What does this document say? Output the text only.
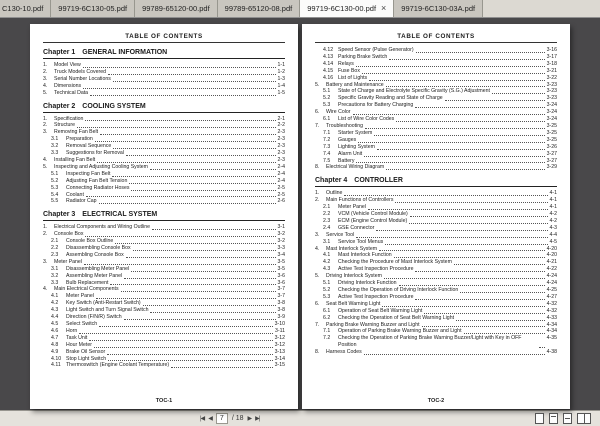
C130-10.pdf 99719-6C130-05.pdf 99789-65120-00.pdf 99789-65120-08.pdf 99719-6C130-00.pdf × 99719-6C130-03A.pdf
TABLE OF CONTENTS
Chapter 1 GENERAL INFORMATION
1.	Model View	1-1
2.	Truck Models Covered	1-2
3.	Serial Number Locations	1-3
4.	Dimensions	1-4
5.	Technical Data	1-5
Chapter 2 COOLING SYSTEM
1.	Specification	2-1
2.	Structure	2-2
3.	Removing Fan Belt	2-3
3.1	Preparation	2-3
3.2	Removal Sequence	2-3
3.3	Suggestions for Removal	2-3
4.	Installing Fan Belt	2-3
5.	Inspecting and Adjusting Cooling System	2-4
5.1	Inspecting Fan Belt	2-4
5.2	Adjusting Fan Belt Tension	2-4
5.3	Connecting Radiator Hoses	2-5
5.4	Coolant	2-5
5.5	Radiator Cap	2-6
Chapter 3 ELECTRICAL SYSTEM
1.	Electrical Components and Wiring Outline	3-1
2.	Console Box	3-2
2.1	Console Box Outline	3-2
2.2	Disassembling Console Box	3-3
2.3	Assembling Console Box	3-4
3.	Meter Panel	3-5
3.1	Disassembling Meter Panel	3-5
3.2	Assembling Meter Panel	3-6
3.3	Bulb Replacement	3-6
4.	Main Electrical Components	3-7
4.1	Meter Panel	3-7
4.2	Key Switch (Anti-Restart Switch)	3-8
4.3	Light Switch and Turn Signal Switch	3-8
4.4	Direction (F/N/R) Switch	3-9
4.5	Select Switch	3-10
4.6	Horn	3-11
4.7	Task Unit	3-12
4.8	Hour Meter	3-12
4.9	Brake Oil Sensor	3-13
4.10 Stop Light Switch	3-14
4.11	Thermoswitch (Engine Coolant Temperature)	3-15
TOC-1
TABLE OF CONTENTS
4.12 Speed Sensor (Pulse Generator)	3-16
4.13 Parking Brake Switch	3-17
4.14 Relays	3-18
4.15 Fuse Box	3-21
4.16 List of Lights	3-22
5.	Battery and Maintenance	3-23
5.1	State of Charge and Electrolyte Specific Gravity (S.G.) Adjustment	3-23
5.2	Specific Gravity Reading and State of Charge	3-23
5.3	Precautions for Battery Charging	3-24
6.	Wire Color	3-24
6.1	List of Wire Color Codes	3-24
7.	Troubleshooting	3-25
7.1	Starter System	3-25
7.2	Gauges	3-25
7.3	Lighting System	3-26
7.4	Alarm Unit	3-27
7.5	Battery	3-27
8.	Electrical Wiring Diagram	3-29
Chapter 4 CONTROLLER
1.	Outline	4-1
2.	Main Functions of Controllers	4-1
2.1	Meter Panel	4-1
2.2	VCM (Vehicle Control Module)	4-2
2.3	ECM (Engine Control Module)	4-2
2.4	GSE Connector	4-3
3.	Service Tool	4-4
3.1	Service Tool Menus	4-5
4.	Mast Interlock System	4-20
4.1	Mast Interlock Function	4-20
4.2	Checking the Procedure of Mast Interlock System	4-21
4.3	Active Test Inspection Procedure	4-22
5.	Driving Interlock System	4-24
5.1	Driving Interlock Function	4-24
5.2	Checking the Operation of Driving Interlock Function	4-25
5.3	Active Test Inspection Procedure	4-27
6.	Seat Belt Warning Light	4-32
6.1	Operation of Seat Belt Warning Light	4-32
6.2	Checking the Operation of Seat Belt Warning Light	4-33
7.	Parking Brake Warning Buzzer and Light	4-34
7.1	Operation of Parking Brake Warning Buzzer and Light	4-34
7.2	Checking the Operation of Parking Brake Warning Buzzer/Light with Key in OFF Position
4-35
8.	Harness Codes	4-38
TOC-2
|◀ ◀	7	/ 18 ▶ ▶|
